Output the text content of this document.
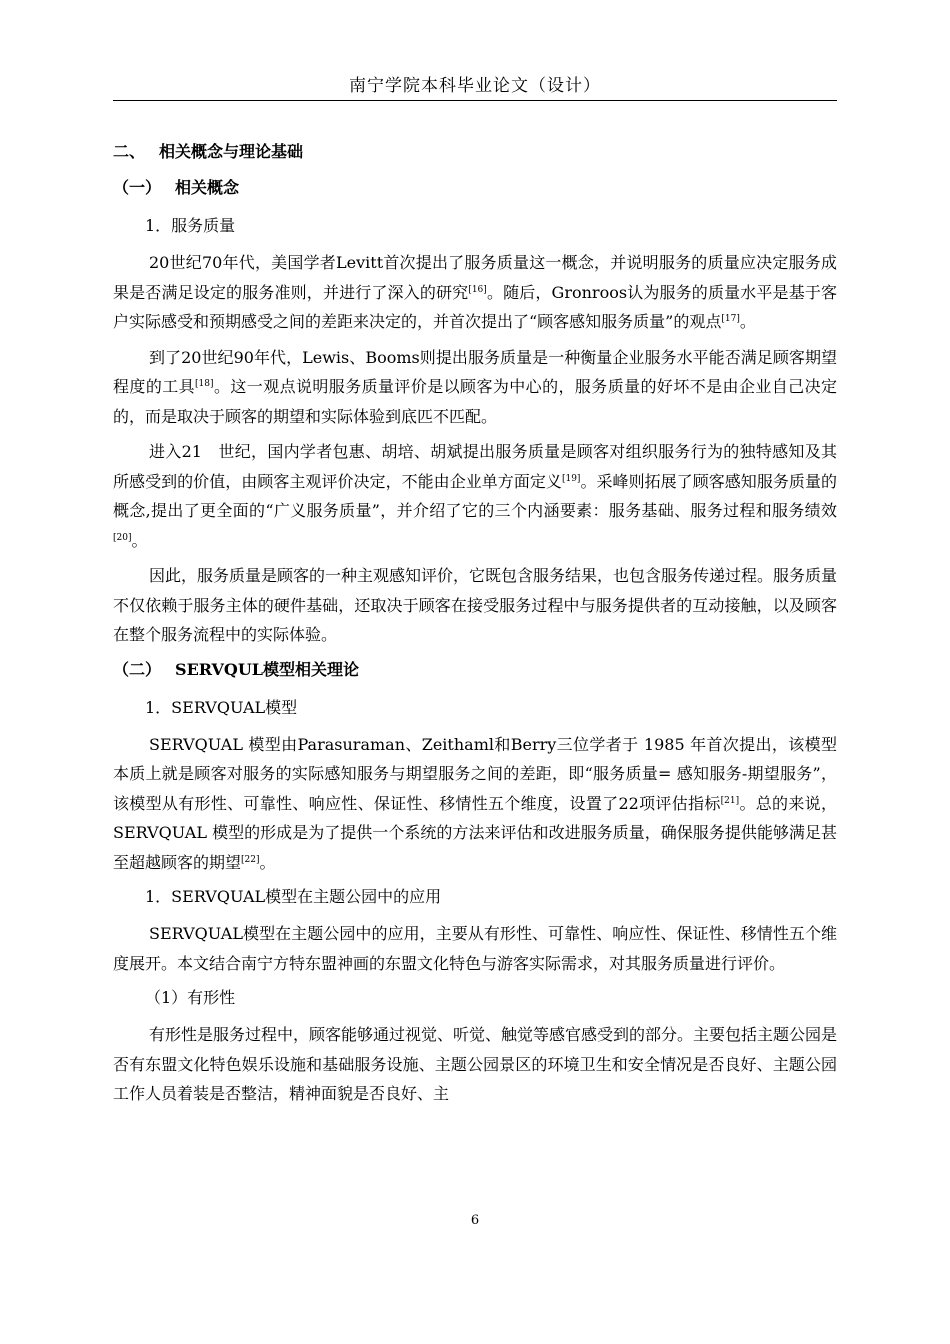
南宁学院本科毕业论文（设计）
二、 相关概念与理论基础
（一） 相关概念
1．服务质量

20世纪70年代，美国学者Levitt首次提出了服务质量这一概念，并说明服务的质量应决定服务成果是否满足设定的服务准则，并进行了深入的研究[16]。随后，Gronroos认为服务的质量水平是基于客户实际感受和预期感受之间的差距来决定的，并首次提出了“顾客感知服务质量”的观点[17]。

到了20世纪90年代，Lewis、Booms则提出服务质量是一种衡量企业服务水平能否满足顾客期望程度的工具[18]。这一观点说明服务质量评价是以顾客为中心的，服务质量的好坏不是由企业自己决定的，而是取决于顾客的期望和实际体验到底匹不匹配。

进入21　世纪，国内学者包惠、胡培、胡斌提出服务质量是顾客对组织服务行为的独特感知及其所感受到的价值，由顾客主观评价决定，不能由企业单方面定义[19]。采峰则拓展了顾客感知服务质量的概念,提出了更全面的“广义服务质量”，并介绍了它的三个内涵要素：服务基础、服务过程和服务绩效[20]。

因此，服务质量是顾客的一种主观感知评价，它既包含服务结果，也包含服务传递过程。服务质量不仅依赖于服务主体的硬件基础，还取决于顾客在接受服务过程中与服务提供者的互动接触，以及顾客在整个服务流程中的实际体验。

（二） SERVQUL模型相关理论
1．SERVQUAL模型

SERVQUAL 模型由Parasuraman、Zeithaml和Berry三位学者于 1985 年首次提出，该模型本质上就是顾客对服务的实际感知服务与期望服务之间的差距，即“服务质量= 感知服务-期望服务”，该模型从有形性、可靠性、响应性、保证性、移情性五个维度，设置了22项评估指标[21]。总的来说，SERVQUAL 模型的形成是为了提供一个系统的方法来评估和改进服务质量，确保服务提供能够满足甚至超越顾客的期望[22]。

1．SERVQUAL模型在主题公园中的应用

SERVQUAL模型在主题公园中的应用，主要从有形性、可靠性、响应性、保证性、移情性五个维度展开。本文结合南宁方特东盟神画的东盟文化特色与游客实际需求，对其服务质量进行评价。

（1）有形性

有形性是服务过程中，顾客能够通过视觉、听觉、触觉等感官感受到的部分。主要包括主题公园是否有东盟文化特色娱乐设施和基础服务设施、主题公园景区的环境卫生和安全情况是否良好、主题公园工作人员着装是否整洁，精神面貌是否良好、主

6
